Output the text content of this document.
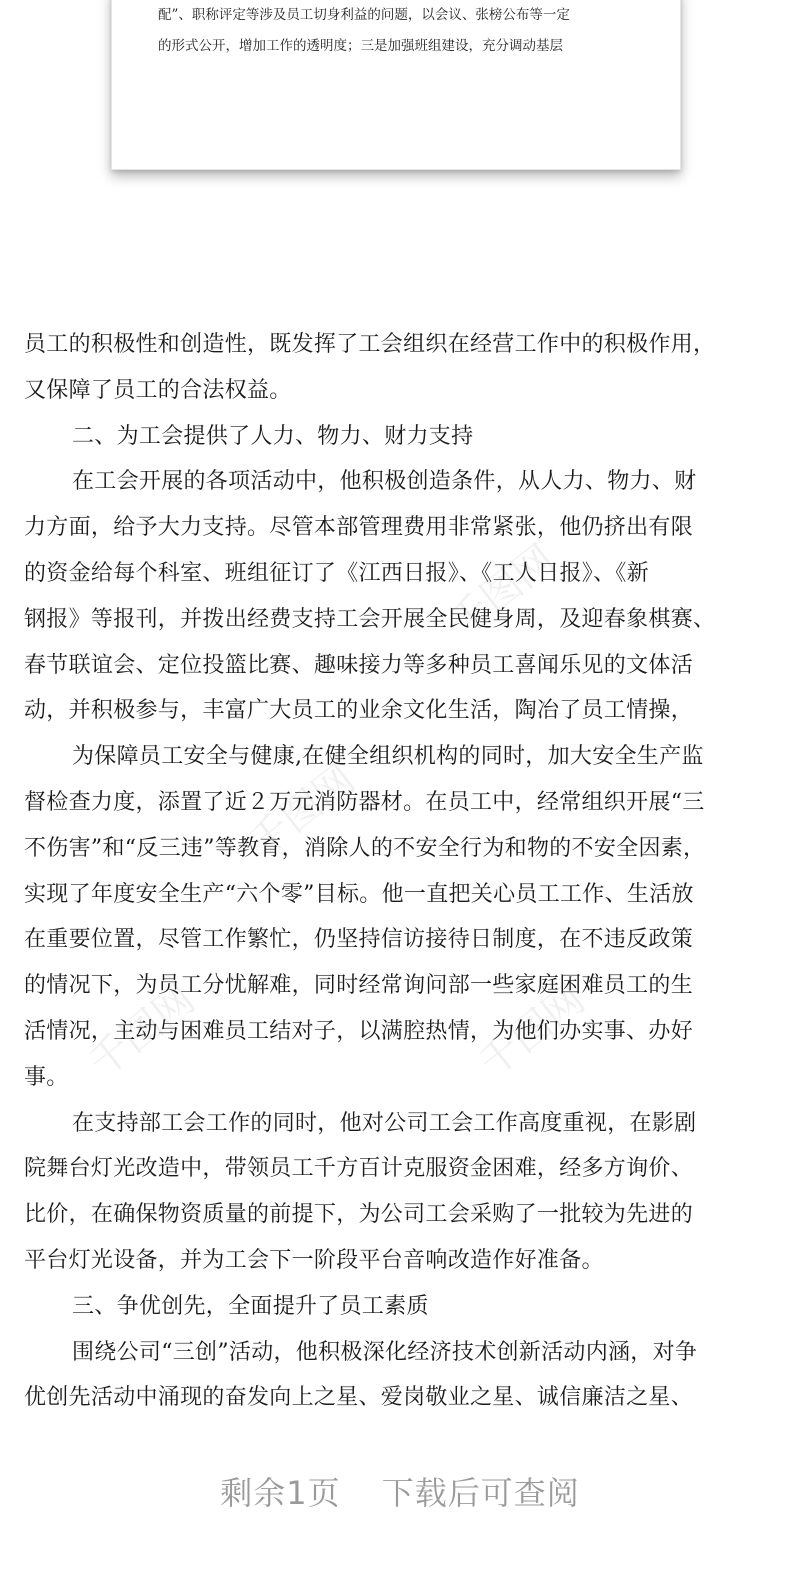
配”、职称评定等涉及员工切身利益的问题，以会议、张榜公布等一定
的形式公开，增加工作的透明度；三是加强班组建设，充分调动基层
千图网
千图网
千图网	千图网
员工的积极性和创造性，既发挥了工会组织在经营工作中的积极作用，
又保障了员工的合法权益。
二、为工会提供了人力、物力、财力支持
在工会开展的各项活动中，他积极创造条件，从人力、物力、财
力方面，给予大力支持。尽管本部管理费用非常紧张，他仍挤出有限
的资金给每个科室、班组征订了《江西日报》、《工人日报》、《新
钢报》等报刊，并拨出经费支持工会开展全民健身周，及迎春象棋赛、
春节联谊会、定位投篮比赛、趣味接力等多种员工喜闻乐见的文体活
动，并积极参与，丰富广大员工的业余文化生活，陶冶了员工情操，
为保障员工安全与健康,在健全组织机构的同时，加大安全生产监
督检查力度，添置了近２万元消防器材。在员工中，经常组织开展“三
不伤害”和“反三违”等教育，消除人的不安全行为和物的不安全因素，
实现了年度安全生产“六个零”目标。他一直把关心员工工作、生活放
在重要位置，尽管工作繁忙，仍坚持信访接待日制度，在不违反政策
的情况下，为员工分忧解难，同时经常询问部一些家庭困难员工的生
活情况，主动与困难员工结对子，以满腔热情，为他们办实事、办好
事。
在支持部工会工作的同时，他对公司工会工作高度重视，在影剧
院舞台灯光改造中，带领员工千方百计克服资金困难，经多方询价、
比价，在确保物资质量的前提下，为公司工会采购了一批较为先进的
平台灯光设备，并为工会下一阶段平台音响改造作好准备。
三、争优创先，全面提升了员工素质
围绕公司“三创”活动，他积极深化经济技术创新活动内涵，对争
优创先活动中涌现的奋发向上之星、爱岗敬业之星、诚信廉洁之星、
剩余1页 下载后可查阅
